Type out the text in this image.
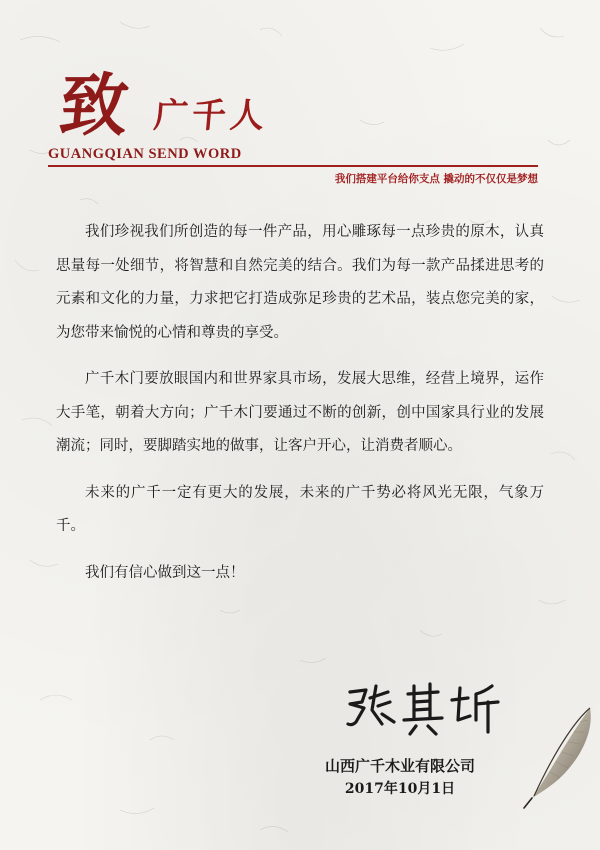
致 广千人
GUANGQIAN SEND WORD
我们搭建平台给你支点 撬动的不仅仅是梦想

我们珍视我们所创造的每一件产品，用心雕琢每一点珍贵的原木，认真思量每一处细节，将智慧和自然完美的结合。我们为每一款产品揉进思考的元素和文化的力量，力求把它打造成弥足珍贵的艺术品，装点您完美的家，为您带来愉悦的心情和尊贵的享受。

广千木门要放眼国内和世界家具市场，发展大思维，经营上境界，运作大手笔，朝着大方向；广千木门要通过不断的创新，创中国家具行业的发展潮流；同时，要脚踏实地的做事，让客户开心，让消费者顺心。

未来的广千一定有更大的发展，未来的广千势必将风光无限，气象万千。

我们有信心做到这一点！

山西广千木业有限公司
2017年10月1日
